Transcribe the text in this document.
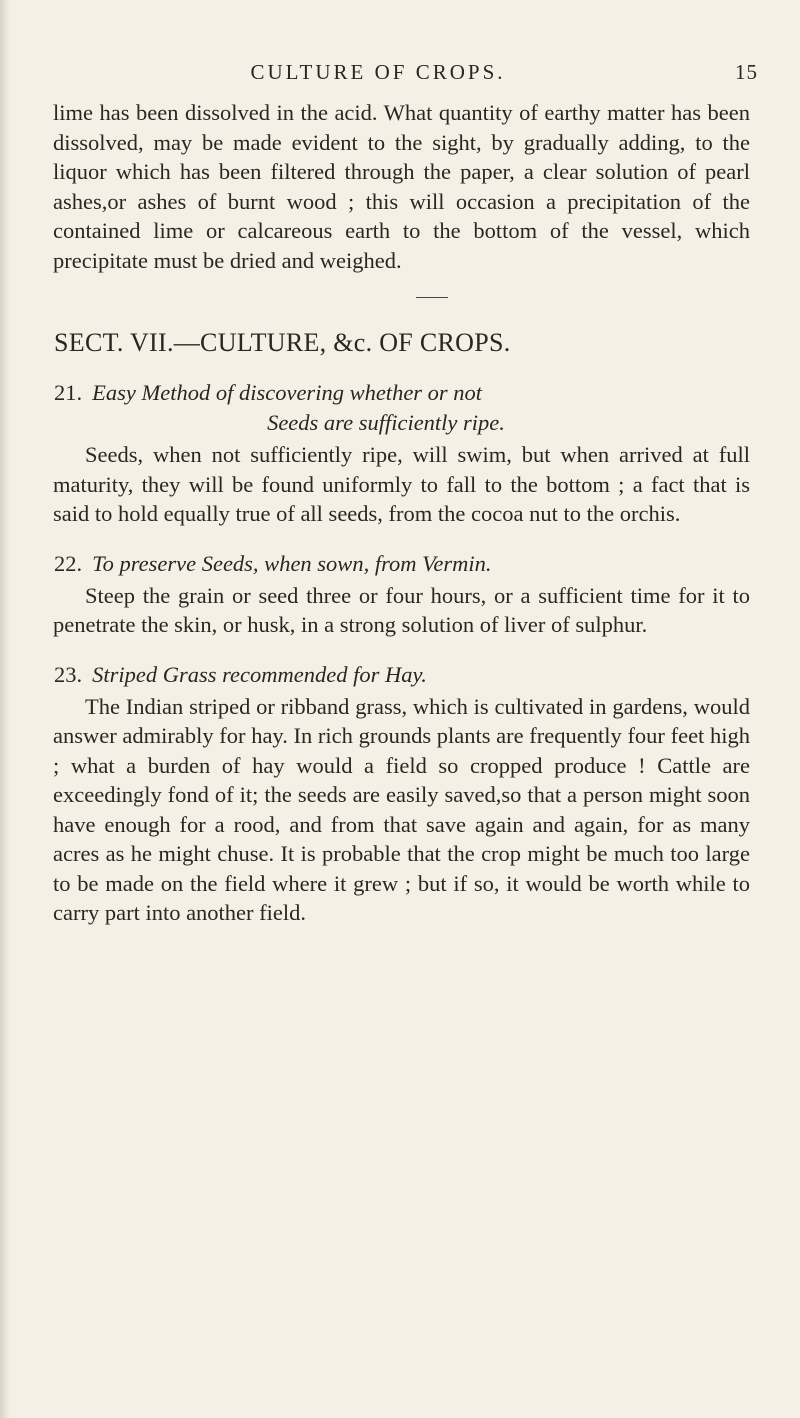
CULTURE OF CROPS.	15

lime has been dissolved in the acid. What quantity of earthy matter has been dissolved, may be made evident to the sight, by gradually adding, to the liquor which has been filtered through the paper, a clear solution of pearl ashes,or ashes of burnt wood ; this will occasion a precipitation of the contained lime or calcareous earth to the bottom of the vessel, which precipitate must be dried and weighed.

SECT. VII.—CULTURE, &c. OF CROPS.
21. Easy Method of discovering whether or not
Seeds are sufficiently ripe.

Seeds, when not sufficiently ripe, will swim, but when arrived at full maturity, they will be found uniformly to fall to the bottom ; a fact that is said to hold equally true of all seeds, from the cocoa nut to the orchis.

22. To preserve Seeds, when sown, from Vermin.

Steep the grain or seed three or four hours, or a sufficient time for it to penetrate the skin, or husk, in a strong solution of liver of sulphur.

23. Striped Grass recommended for Hay.

The Indian striped or ribband grass, which is cultivated in gardens, would answer admirably for hay. In rich grounds plants are frequently four feet high ; what a burden of hay would a field so cropped produce ! Cattle are exceedingly fond of it; the seeds are easily saved,so that a person might soon have enough for a rood, and from that save again and again, for as many acres as he might chuse. It is probable that the crop might be much too large to be made on the field where it grew ; but if so, it would be worth while to carry part into another field.
